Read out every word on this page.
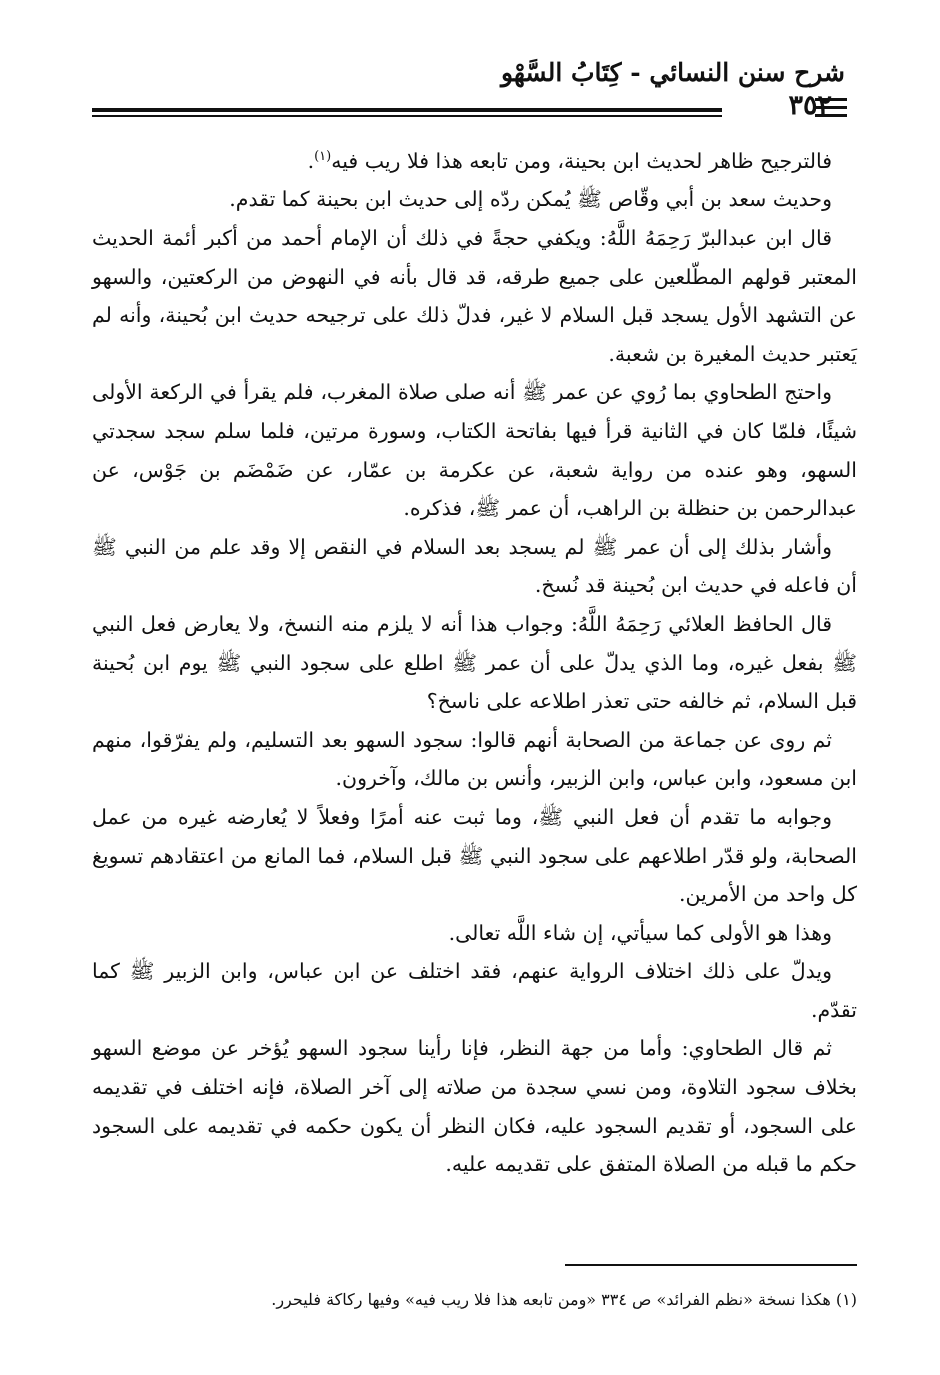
شرح سنن النسائي - كِتَابُ السَّهْو
٣٥٢

فالترجيح ظاهر لحديث ابن بحينة، ومن تابعه هذا فلا ريب فيه$^{(١)}$.

وحديث سعد بن أبي وقّاص ﷺ يُمكن ردّه إلى حديث ابن بحينة كما تقدم.

قال ابن عبدالبرّ رَحِمَهُ اللَّهُ: ويكفي حجةً في ذلك أن الإمام أحمد من أكبر أئمة الحديث المعتبر قولهم المطّلعين على جميع طرقه، قد قال بأنه في النهوض من الركعتين، والسهو عن التشهد الأول يسجد قبل السلام لا غير، فدلّ ذلك على ترجيحه حديث ابن بُحينة، وأنه لم يَعتبر حديث المغيرة بن شعبة.

واحتج الطحاوي بما رُوي عن عمر ﷺ أنه صلى صلاة المغرب، فلم يقرأ في الركعة الأولى شيئًا، فلمّا كان في الثانية قرأ فيها بفاتحة الكتاب، وسورة مرتين، فلما سلم سجد سجدتي السهو، وهو عنده من رواية شعبة، عن عكرمة بن عمّار، عن ضَمْضَم بن جَوْس، عن عبدالرحمن بن حنظلة بن الراهب، أن عمر ﷺ، فذكره.

وأشار بذلك إلى أن عمر ﷺ لم يسجد بعد السلام في النقص إلا وقد علم من النبي ﷺ أن فاعله في حديث ابن بُحينة قد نُسخ.

قال الحافظ العلائي رَحِمَهُ اللَّهُ: وجواب هذا أنه لا يلزم منه النسخ، ولا يعارض فعل النبي ﷺ بفعل غيره، وما الذي يدلّ على أن عمر ﷺ اطلع على سجود النبي ﷺ يوم ابن بُحينة قبل السلام، ثم خالفه حتى تعذر اطلاعه على ناسخ؟

ثم روى عن جماعة من الصحابة أنهم قالوا: سجود السهو بعد التسليم، ولم يفرّقوا، منهم ابن مسعود، وابن عباس، وابن الزبير، وأنس بن مالك، وآخرون.

وجوابه ما تقدم أن فعل النبي ﷺ، وما ثبت عنه أمرًا وفعلاً لا يُعارضه غيره من عمل الصحابة، ولو قدّر اطلاعهم على سجود النبي ﷺ قبل السلام، فما المانع من اعتقادهم تسويغ كل واحد من الأمرين.

وهذا هو الأولى كما سيأتي، إن شاء اللَّه تعالى.

ويدلّ على ذلك اختلاف الرواية عنهم، فقد اختلف عن ابن عباس، وابن الزبير ﷺ كما تقدّم.

ثم قال الطحاوي: وأما من جهة النظر، فإنا رأينا سجود السهو يُؤخر عن موضع السهو بخلاف سجود التلاوة، ومن نسي سجدة من صلاته إلى آخر الصلاة، فإنه اختلف في تقديمه على السجود، أو تقديم السجود عليه، فكان النظر أن يكون حكمه في تقديمه على السجود حكم ما قبله من الصلاة المتفق على تقديمه عليه.

(١) هكذا نسخة «نظم الفرائد» ص ٣٣٤ «ومن تابعه هذا فلا ريب فيه» وفيها ركاكة فليحرر.
